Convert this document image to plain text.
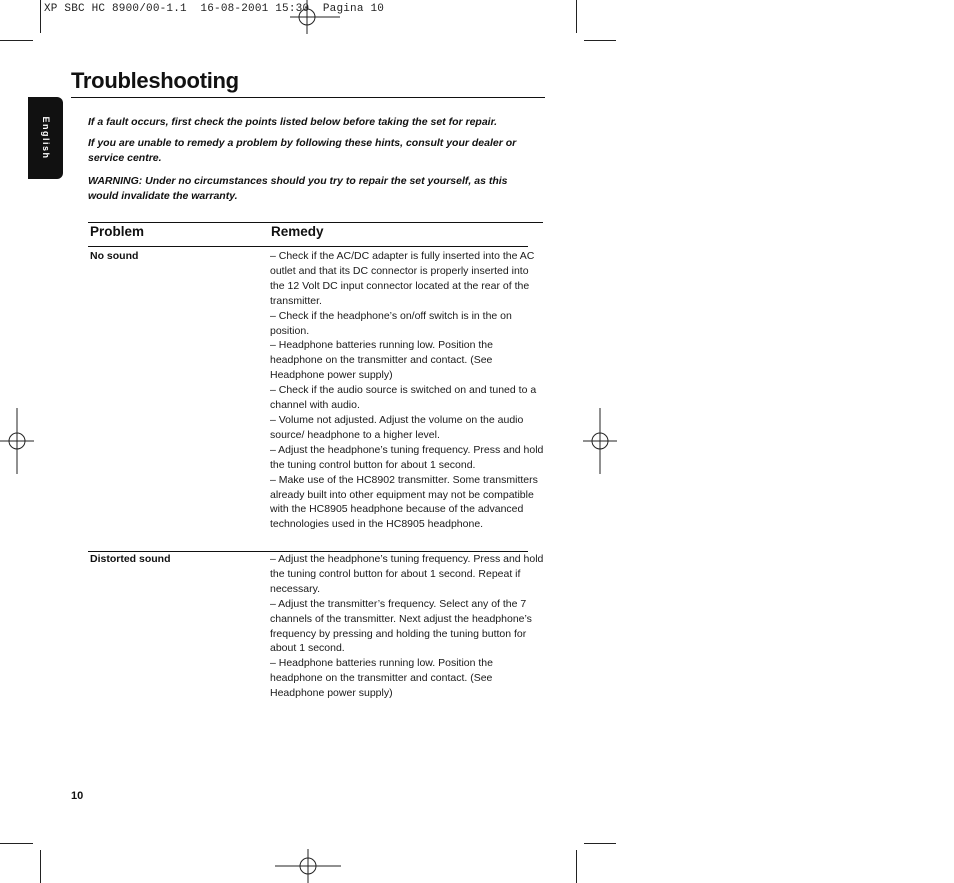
XP SBC HC 8900/00-1.1  16-08-2001 15:30  Pagina 10
English
Troubleshooting
If a fault occurs, first check the points listed below before taking the set for repair.
If you are unable to remedy a problem by following these hints, consult your dealer or service centre.
WARNING: Under no circumstances should you try to repair the set yourself, as this would invalidate the warranty.
Problem	Remedy
No sound	– Check if the AC/DC adapter is fully inserted into the AC outlet and that its DC connector is properly inserted into the 12 Volt DC input connector located at the rear of the transmitter.

– Check if the headphone’s on/off switch is in the on position.

– Headphone batteries running low. Position the headphone on the transmitter and contact. (See Headphone power supply)

– Check if the audio source is switched on and tuned to a channel with audio.

– Volume not adjusted. Adjust the volume on the audio source/ headphone to a higher level.

– Adjust the headphone’s tuning frequency. Press and hold the tuning control button for about 1 second.

– Make use of the HC8902 transmitter. Some transmitters already built into other equipment may not be compatible with the HC8905 headphone because of the advanced technologies used in the HC8905 headphone.

Distorted sound	– Adjust the headphone’s tuning frequency. Press and hold the tuning control button for about 1 second. Repeat if necessary.

– Adjust the transmitter’s frequency. Select any of the 7 channels of the transmitter. Next adjust the headphone’s frequency by pressing and holding the tuning button for about 1 second.

– Headphone batteries running low. Position the headphone on the transmitter and contact. (See Headphone power supply)

10
